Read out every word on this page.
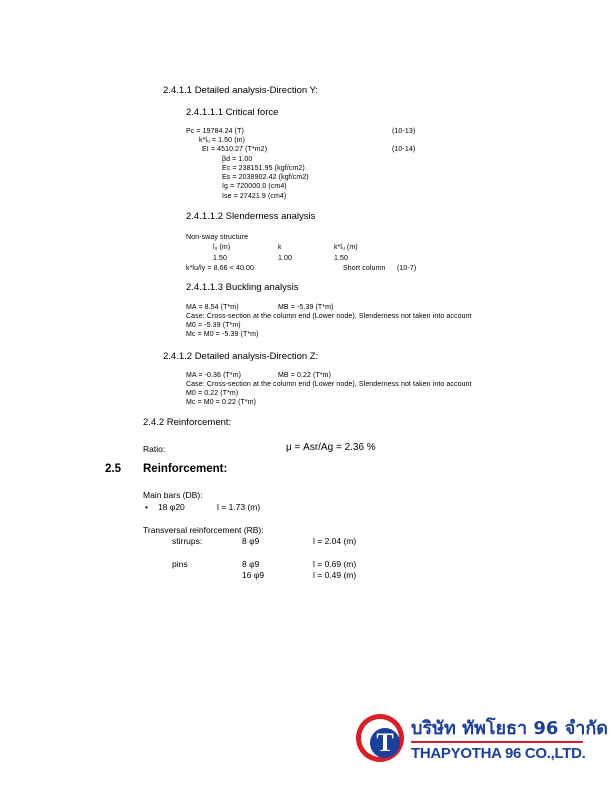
2.4.1.1 Detailed analysis-Direction Y:
2.4.1.1.1 Critical force
Pc = 19784.24 (T)	(10-13)
k*lᵤ = 1.50 (m)
EI = 4510.27 (T*m2)	(10-14)
βd = 1.00
Ec = 238151.95 (kgf/cm2)
Es = 2038902.42 (kgf/cm2)
Ig = 720000.0 (cm4)
Ise = 27421.9 (cm4)
2.4.1.1.2 Slenderness analysis
Non-sway structure
lᵤ (m)	k	k*lᵤ (m)
1.50	1.00	1.50
k*lu/ly = 8.66 < 40.00	Short column (10-7)
2.4.1.1.3 Buckling analysis
MA = 8.54 (T*m)	MB = -5.39 (T*m)
Case: Cross-section at the column end (Lower node), Slenderness not taken into account
M0 = -5.39 (T*m)
Mc = M0 = -5.39 (T*m)
2.4.1.2 Detailed analysis-Direction Z:
MA = -0.36 (T*m)	MB = 0.22 (T*m)
Case: Cross-section at the column end (Lower node), Slenderness not taken into account
M0 = 0.22 (T*m)
Mc = M0 = 0.22 (T*m)
2.4.2 Reinforcement:
Ratio:	μ = Asr/Ag = 2.36 %
2.5 Reinforcement:
Main bars (DB):
• 18 φ20	l = 1.73 (m)
Transversal reinforcement (RB):
stirrups:	8 φ9	l = 2.04 (m)
pins	8 φ9	l = 0.69 (m)
16 φ9	l = 0.49 (m)
T บริษัท ทัพโยธา 96 จำกัด
THAPYOTHA 96 CO.,LTD.
